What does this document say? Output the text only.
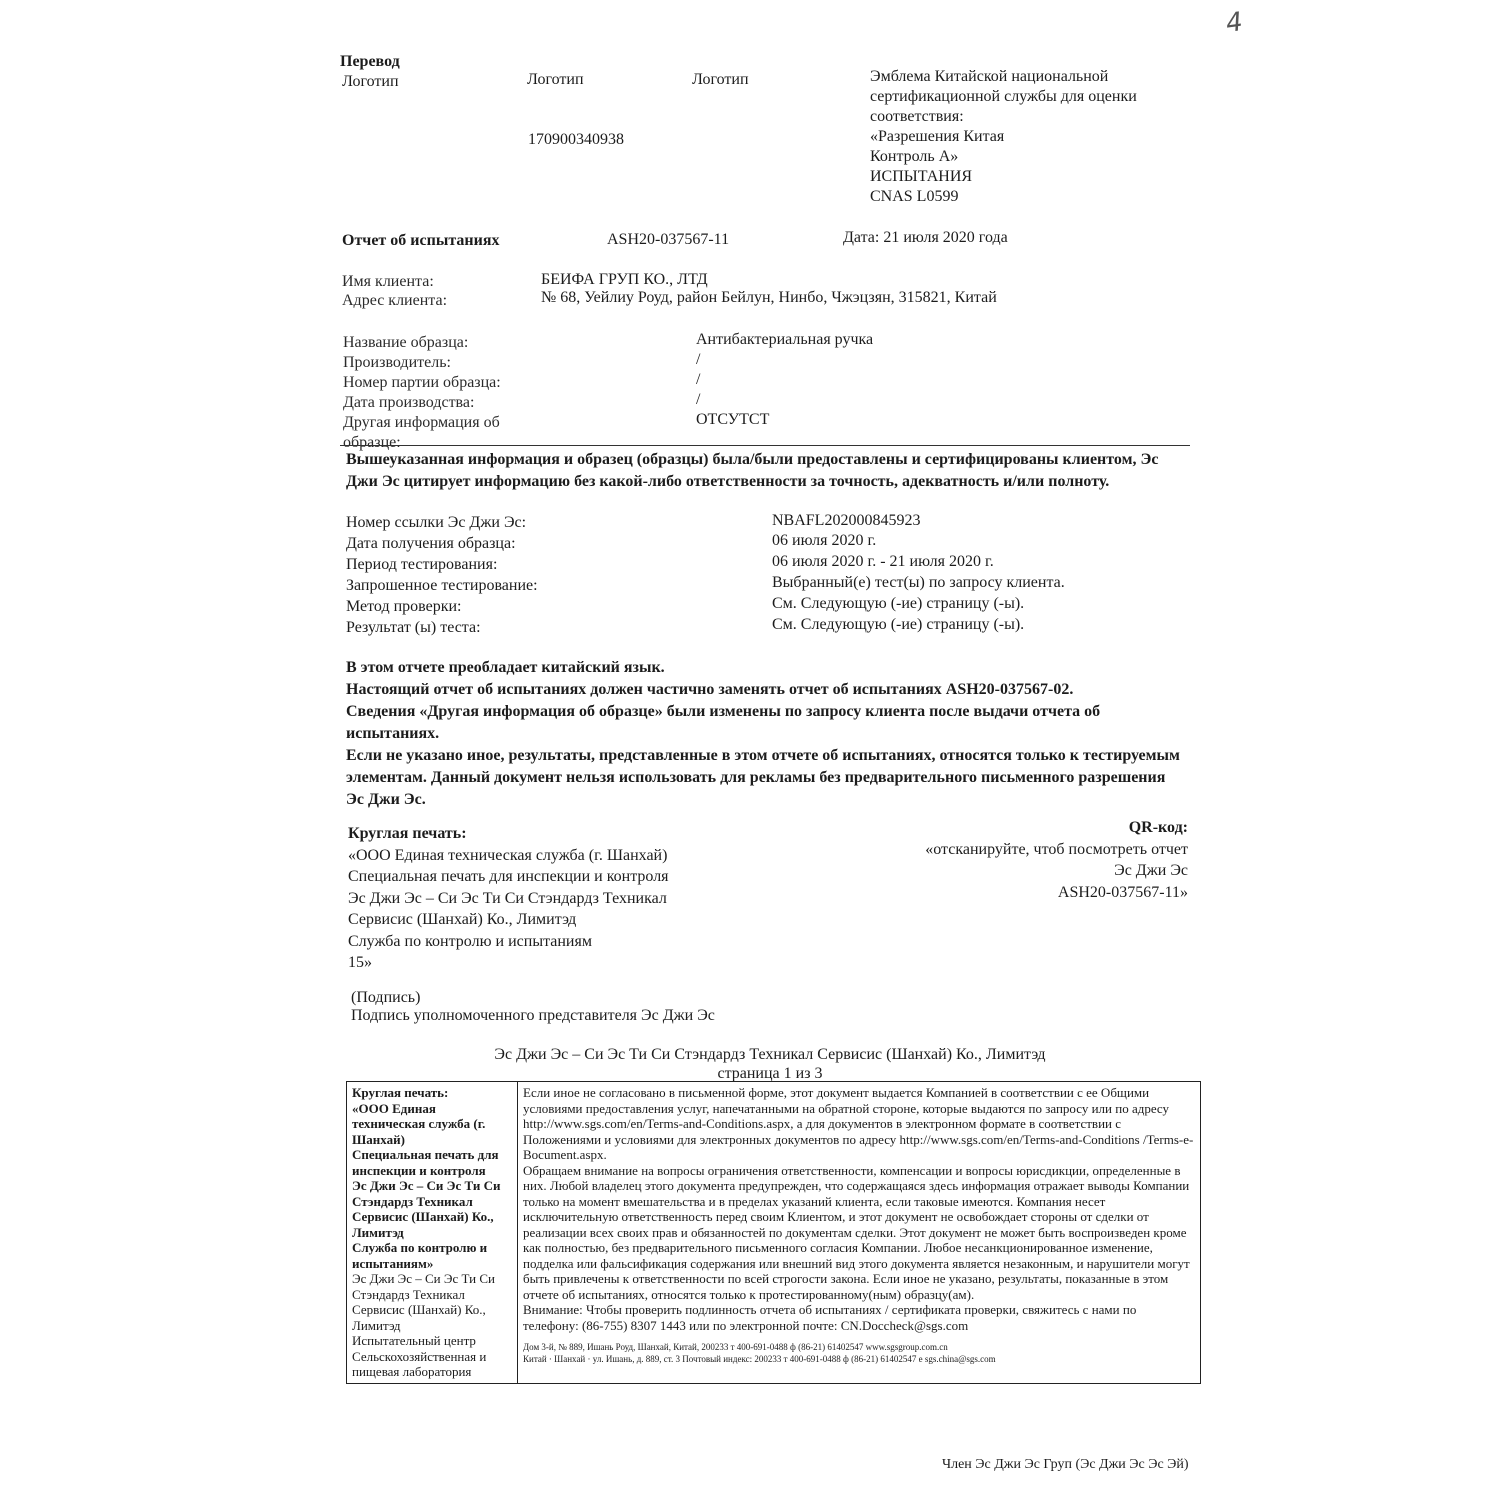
4
Перевод
Логотип	Логотип	Логотип
170900340938
Эмблема Китайской национальной
сертификационной службы для оценки
соответствия:
«Разрешения Китая
Контроль А»
ИСПЫТАНИЯ
CNAS L0599
Отчет об испытаниях	ASH20-037567-11	Дата: 21 июля 2020 года
Имя клиента:	БЕИФА ГРУП КО., ЛТД
Адрес клиента:	№ 68, Уейлиу Роуд, район Бейлун, Нинбо, Чжэцзян, 315821, Китай
Название образца:	Антибактериальная ручка
Производитель:	/
Номер партии образца:	/
Дата производства:	/
Другая информация об	ОТСУТСТ
образце:
Вышеуказанная информация и образец (образцы) была/были предоставлены и сертифицированы клиентом, Эс Джи Эс цитирует информацию без какой-либо ответственности за точность, адекватность и/или полноту.
Номер ссылки Эс Джи Эс:	NBAFL202000845923
Дата получения образца:	06 июля 2020 г.
Период тестирования:	06 июля 2020 г. - 21 июля 2020 г.
Запрошенное тестирование:	Выбранный(е) тест(ы) по запросу клиента.
Метод проверки:	См. Следующую (-ие) страницу (-ы).
Результат (ы) теста:	См. Следующую (-ие) страницу (-ы).

В этом отчете преобладает китайский язык.

Настоящий отчет об испытаниях должен частично заменять отчет об испытаниях ASH20-037567-02.

Сведения «Другая информация об образце» были изменены по запросу клиента после выдачи отчета об испытаниях.

Если не указано иное, результаты, представленные в этом отчете об испытаниях, относятся только к тестируемым элементам. Данный документ нельзя использовать для рекламы без предварительного письменного разрешения Эс Джи Эс.

Круглая печать:
«ООО Единая техническая служба (г. Шанхай)
Специальная печать для инспекции и контроля
Эс Джи Эс – Си Эс Ти Си Стэндардз Техникал
Сервисис (Шанхай) Ко., Лимитэд
Служба по контролю и испытаниям
15»
QR-код:
«отсканируйте, чтоб посмотреть отчет
Эс Джи Эс
ASH20-037567-11»
(Подпись)
Подпись уполномоченного представителя Эс Джи Эс
Эс Джи Эс – Си Эс Ти Си Стэндардз Техникал Сервисис (Шанхай) Ко., Лимитэд
страница 1 из 3
Круглая печать:
«ООО Единая техническая служба (г. Шанхай)
Специальная печать для инспекции и контроля
Эс Джи Эс – Си Эс Ти Си Стэндардз Техникал Сервисис (Шанхай) Ко., Лимитэд
Служба по контролю и испытаниям»
Эс Джи Эс – Си Эс Ти Си Стэндардз Техникал Сервисис (Шанхай) Ко., Лимитэд
Испытательный центр Сельскохозяйственная и пищевая лаборатория

Если иное не согласовано в письменной форме, этот документ выдается Компанией в соответствии с ее Общими условиями предоставления услуг, напечатанными на обратной стороне, которые выдаются по запросу или по адресу http://www.sgs.com/en/Terms-and-Conditions.aspx, а для документов в электронном формате в соответствии с Положениями и условиями для электронных документов по адресу http://www.sgs.com/en/Terms-and-Conditions /Terms-e-Bocument.aspx.

Обращаем внимание на вопросы ограничения ответственности, компенсации и вопросы юрисдикции, определенные в них. Любой владелец этого документа предупрежден, что содержащаяся здесь информация отражает выводы Компании только на момент вмешательства и в пределах указаний клиента, если таковые имеются. Компания несет исключительную ответственность перед своим Клиентом, и этот документ не освобождает стороны от сделки от реализации всех своих прав и обязанностей по документам сделки. Этот документ не может быть воспроизведен кроме как полностью, без предварительного письменного согласия Компании. Любое несанкционированное изменение, подделка или фальсификация содержания или внешний вид этого документа является незаконным, и нарушители могут быть привлечены к ответственности по всей строгости закона. Если иное не указано, результаты, показанные в этом отчете об испытаниях, относятся только к протестированному(ным) образцу(ам).

Внимание: Чтобы проверить подлинность отчета об испытаниях / сертификата проверки, свяжитесь с нами по телефону: (86-755) 8307 1443 или по электронной почте: CN.Doccheck@sgs.com

Дом 3-й, № 889, Ишань Роуд, Шанхай, Китай, 200233 т 400-691-0488 ф (86-21) 61402547 www.sgsgroup.com.cn
Китай · Шанхай · ул. Ишань, д. 889, ст. 3 Почтовый индекс: 200233 т 400-691-0488 ф (86-21) 61402547 e sgs.china@sgs.com
Член Эс Джи Эс Груп (Эс Джи Эс Эс Эй)
